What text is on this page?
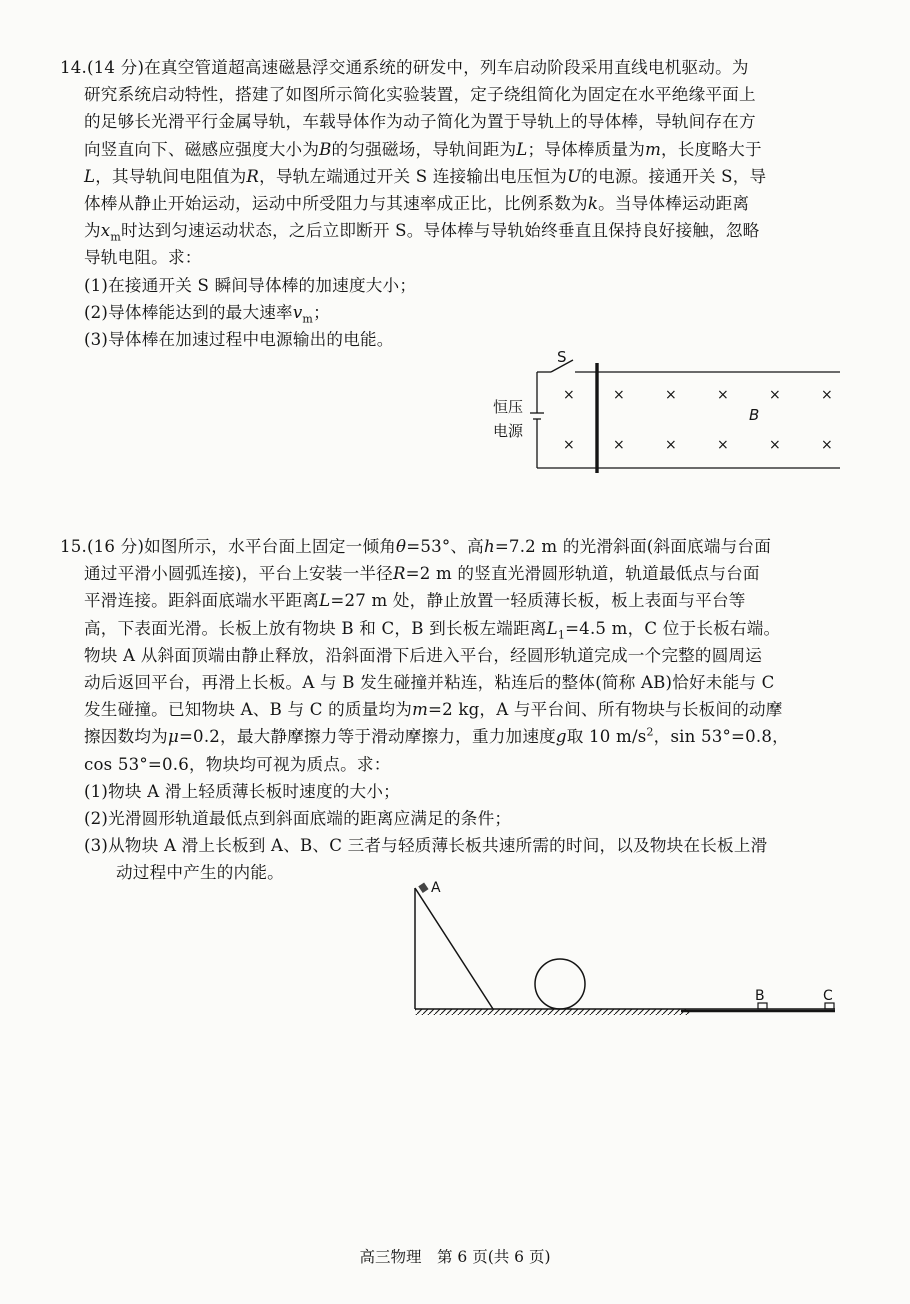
14.(14 分)在真空管道超高速磁悬浮交通系统的研发中，列车启动阶段采用直线电机驱动。为

研究系统启动特性，搭建了如图所示简化实验装置，定子绕组简化为固定在水平绝缘平面上

的足够长光滑平行金属导轨，车载导体作为动子简化为置于导轨上的导体棒，导轨间存在方

向竖直向下、磁感应强度大小为B的匀强磁场，导轨间距为L；导体棒质量为m，长度略大于

L，其导轨间电阻值为R，导轨左端通过开关 S 连接输出电压恒为U的电源。接通开关 S，导

体棒从静止开始运动，运动中所受阻力与其速率成正比，比例系数为k。当导体棒运动距离

为$x_m$时达到匀速运动状态，之后立即断开 S。导体棒与导轨始终垂直且保持良好接触，忽略

导轨电阻。求：

(1)在接通开关 S 瞬间导体棒的加速度大小；

(2)导体棒能达到的最大速率$v_m$；

(3)导体棒在加速过程中电源输出的电能。

S
恒压
电源
B
×	×	×	×	×	×
×	×	×	×	×	×

15.(16 分)如图所示，水平台面上固定一倾角θ=53°、高h=7.2 m 的光滑斜面(斜面底端与台面

通过平滑小圆弧连接)，平台上安装一半径R=2 m 的竖直光滑圆形轨道，轨道最低点与台面

平滑连接。距斜面底端水平距离L=27 m 处，静止放置一轻质薄长板，板上表面与平台等

高，下表面光滑。长板上放有物块 B 和 C，B 到长板左端距离$L_1=4.5$ m，C 位于长板右端。

物块 A 从斜面顶端由静止释放，沿斜面滑下后进入平台，经圆形轨道完成一个完整的圆周运

动后返回平台，再滑上长板。A 与 B 发生碰撞并粘连，粘连后的整体(简称 AB)恰好未能与 C

发生碰撞。已知物块 A、B 与 C 的质量均为m=2 kg，A 与平台间、所有物块与长板间的动摩

擦因数均为μ=0.2，最大静摩擦力等于滑动摩擦力，重力加速度g取 10 $m/s^2$，sin 53°=0.8，

cos 53°=0.6，物块均可视为质点。求：

(1)物块 A 滑上轻质薄长板时速度的大小；

(2)光滑圆形轨道最低点到斜面底端的距离应满足的条件；

(3)从物块 A 滑上长板到 A、B、C 三者与轻质薄长板共速所需的时间，以及物块在长板上滑

动过程中产生的内能。

A
B	C
高三物理　第 6 页(共 6 页)
